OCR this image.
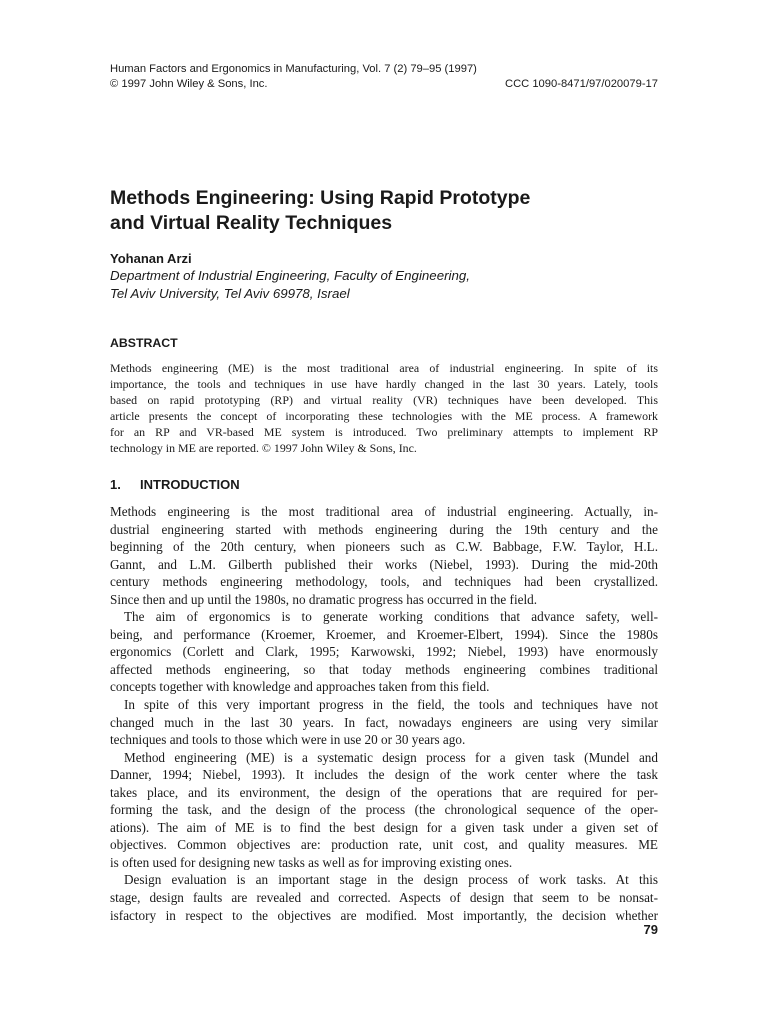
Human Factors and Ergonomics in Manufacturing, Vol. 7 (2) 79–95 (1997)
© 1997 John Wiley & Sons, Inc.	CCC 1090-8471/97/020079-17
Methods Engineering: Using Rapid Prototype
and Virtual Reality Techniques
Yohanan Arzi
Department of Industrial Engineering, Faculty of Engineering,
Tel Aviv University, Tel Aviv 69978, Israel
ABSTRACT
Methods engineering (ME) is the most traditional area of industrial engineering. In spite of its
importance, the tools and techniques in use have hardly changed in the last 30 years. Lately, tools
based on rapid prototyping (RP) and virtual reality (VR) techniques have been developed. This
article presents the concept of incorporating these technologies with the ME process. A framework
for an RP and VR-based ME system is introduced. Two preliminary attempts to implement RP
technology in ME are reported. © 1997 John Wiley & Sons, Inc.
1. INTRODUCTION
Methods engineering is the most traditional area of industrial engineering. Actually, in-
dustrial engineering started with methods engineering during the 19th century and the
beginning of the 20th century, when pioneers such as C.W. Babbage, F.W. Taylor, H.L.
Gannt, and L.M. Gilberth published their works (Niebel, 1993). During the mid-20th
century methods engineering methodology, tools, and techniques had been crystallized.
Since then and up until the 1980s, no dramatic progress has occurred in the field.
The aim of ergonomics is to generate working conditions that advance safety, well-
being, and performance (Kroemer, Kroemer, and Kroemer-Elbert, 1994). Since the 1980s
ergonomics (Corlett and Clark, 1995; Karwowski, 1992; Niebel, 1993) have enormously
affected methods engineering, so that today methods engineering combines traditional
concepts together with knowledge and approaches taken from this field.
In spite of this very important progress in the field, the tools and techniques have not
changed much in the last 30 years. In fact, nowadays engineers are using very similar
techniques and tools to those which were in use 20 or 30 years ago.
Method engineering (ME) is a systematic design process for a given task (Mundel and
Danner, 1994; Niebel, 1993). It includes the design of the work center where the task
takes place, and its environment, the design of the operations that are required for per-
forming the task, and the design of the process (the chronological sequence of the oper-
ations). The aim of ME is to find the best design for a given task under a given set of
objectives. Common objectives are: production rate, unit cost, and quality measures. ME
is often used for designing new tasks as well as for improving existing ones.
Design evaluation is an important stage in the design process of work tasks. At this
stage, design faults are revealed and corrected. Aspects of design that seem to be nonsat-
isfactory in respect to the objectives are modified. Most importantly, the decision whether
79
